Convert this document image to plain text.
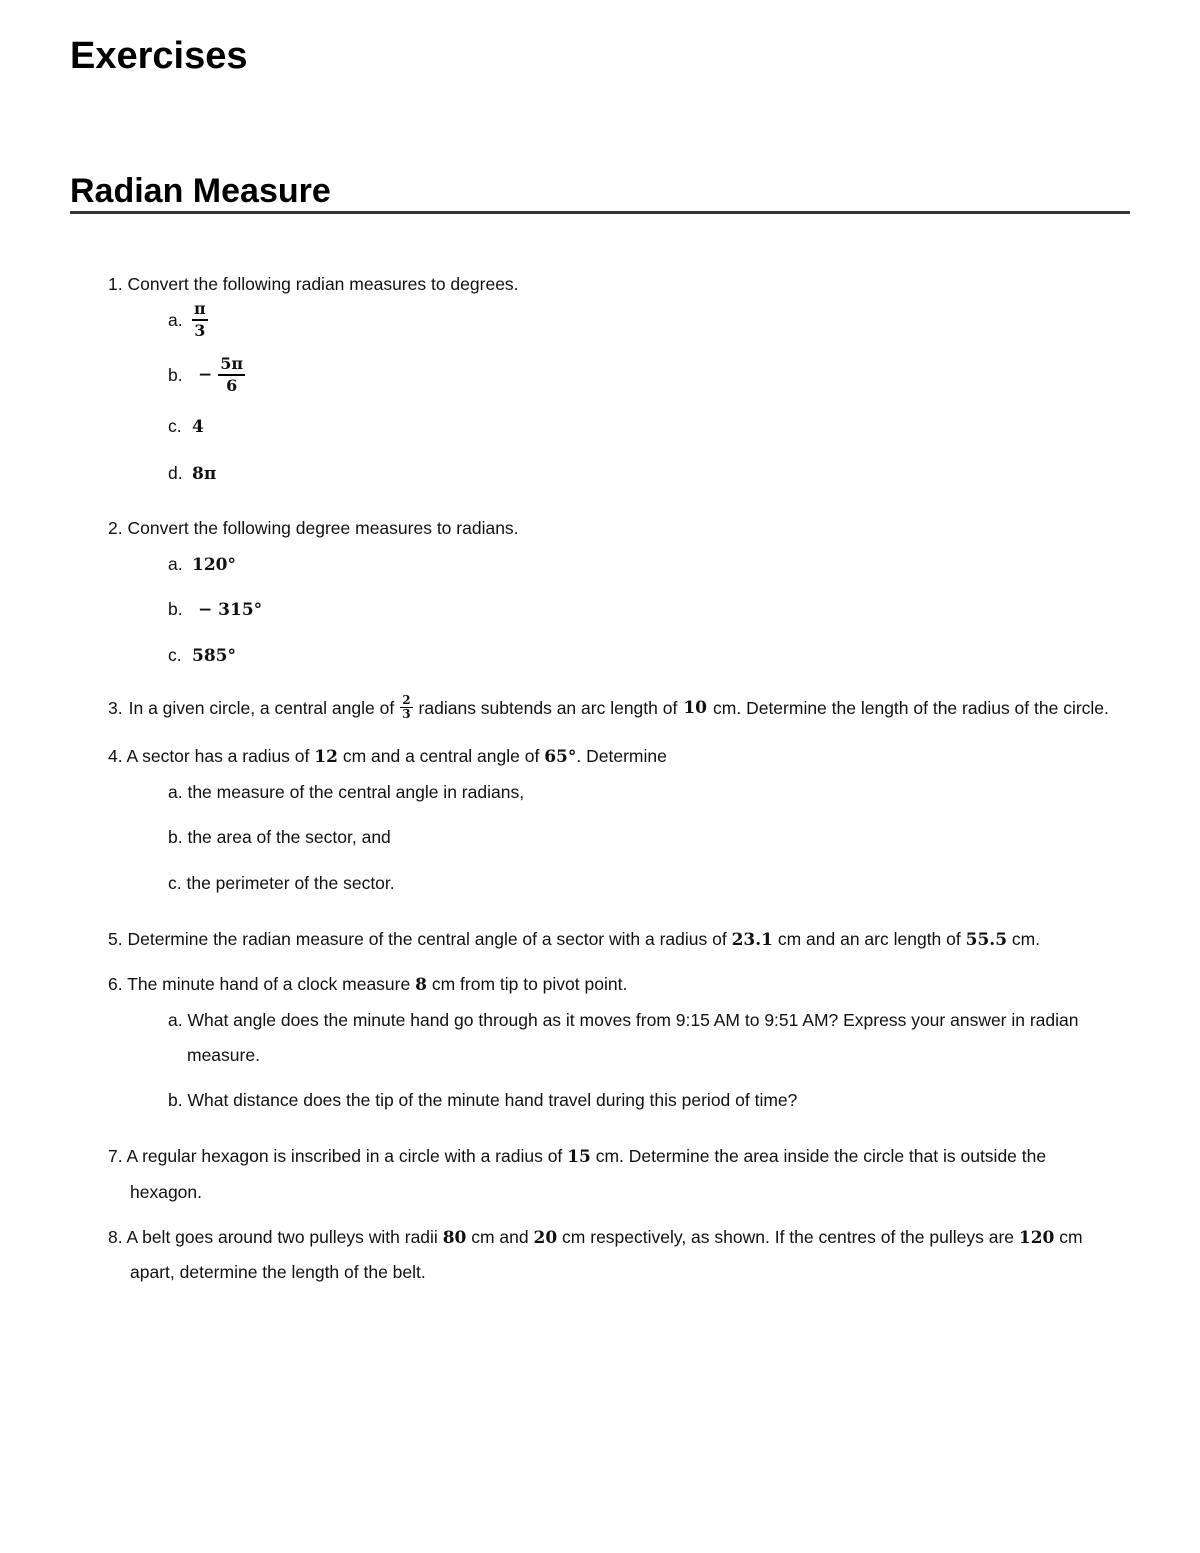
Exercises
Radian Measure
1. Convert the following radian measures to degrees.
a. $\frac{\pi}{3}$
b. − $\frac{5\pi}{6}$
c. 4
d. 8π
2. Convert the following degree measures to radians.
a. 120°
b. − 315°
c. 585°
3. In a given circle, a central angle of $\frac{2}{3}$ radians subtends an arc length of 10 cm. Determine the length of the radius of the circle.
4. A sector has a radius of 12 cm and a central angle of 65°. Determine
a. the measure of the central angle in radians,
b. the area of the sector, and
c. the perimeter of the sector.
5. Determine the radian measure of the central angle of a sector with a radius of 23.1 cm and an arc length of 55.5 cm.
6. The minute hand of a clock measure 8 cm from tip to pivot point.
a. What angle does the minute hand go through as it moves from 9:15 AM to 9:51 AM? Express your answer in radian
measure.
b. What distance does the tip of the minute hand travel during this period of time?
7. A regular hexagon is inscribed in a circle with a radius of 15 cm. Determine the area inside the circle that is outside the
hexagon.
8. A belt goes around two pulleys with radii 80 cm and 20 cm respectively, as shown. If the centres of the pulleys are 120 cm
apart, determine the length of the belt.
